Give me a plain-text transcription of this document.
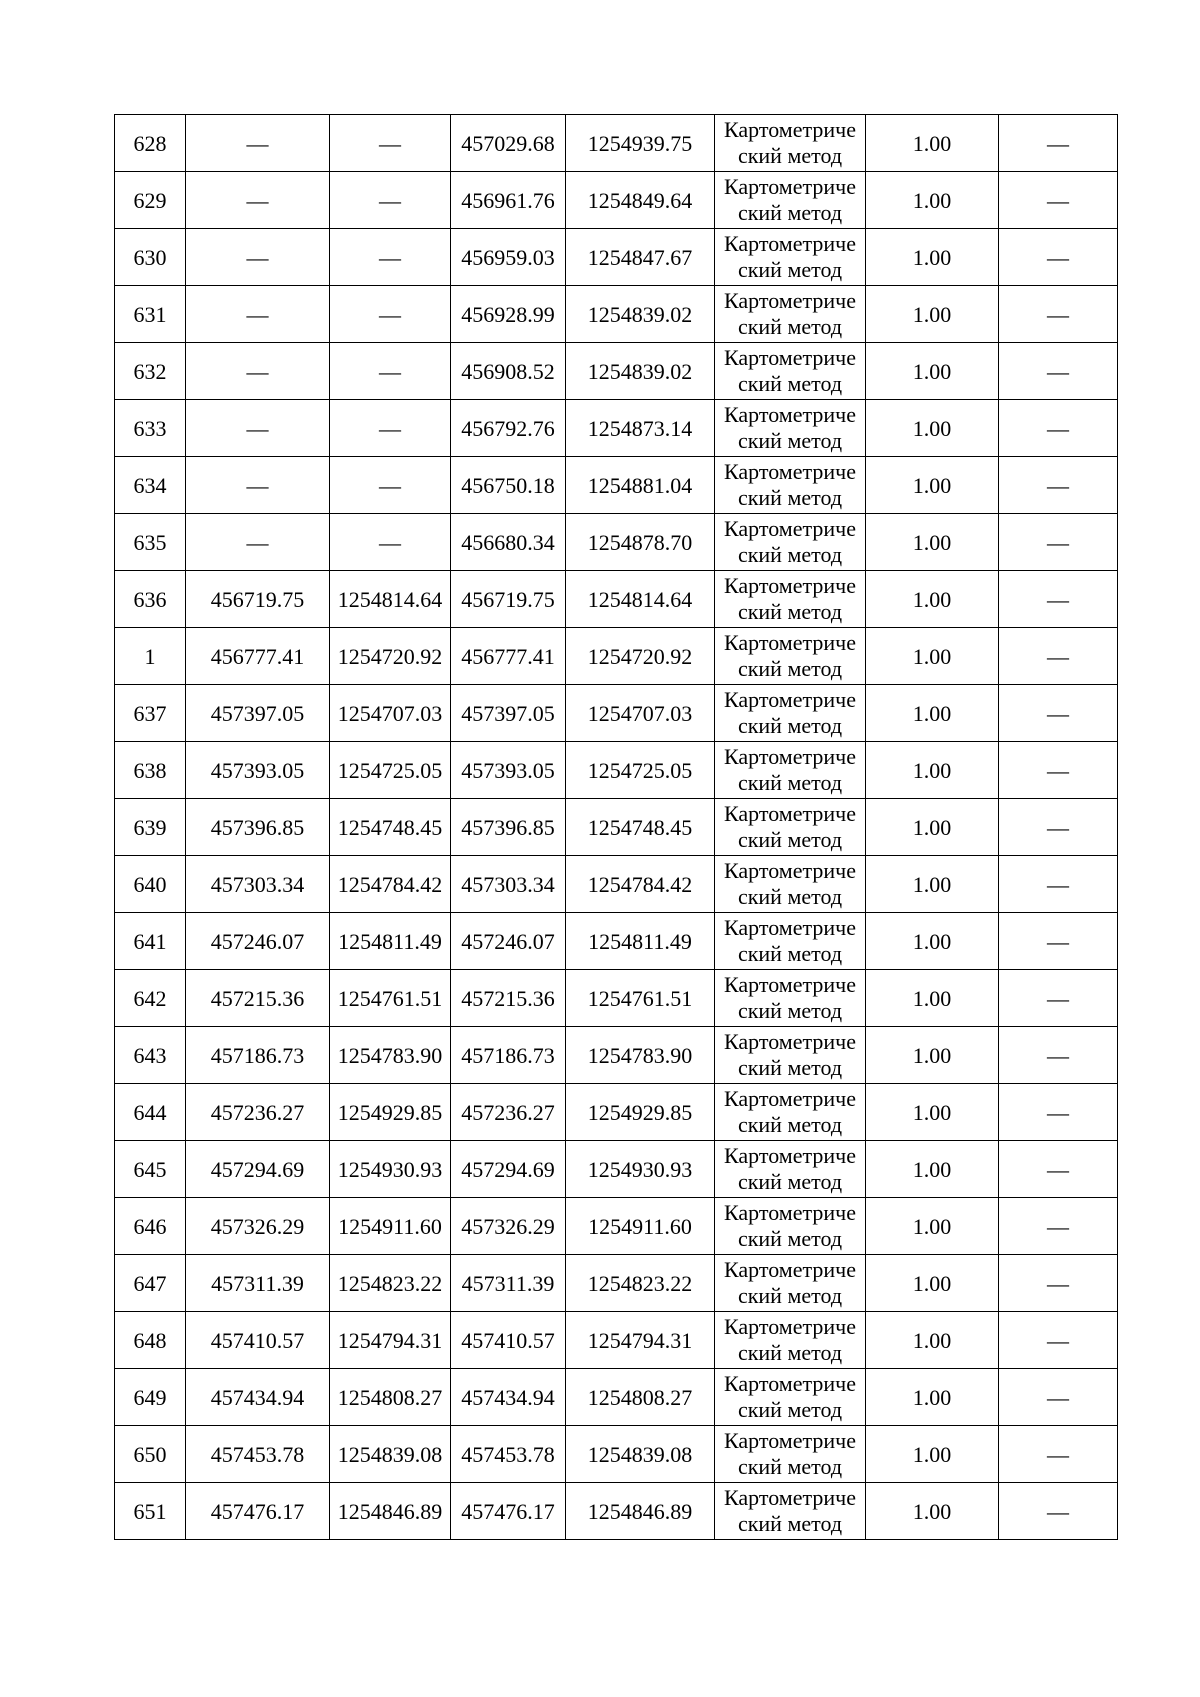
628	—	—	457029.68	1254939.75	Картометриче ский метод	1.00	—
629	—	—	456961.76	1254849.64	Картометриче ский метод	1.00	—
630	—	—	456959.03	1254847.67	Картометриче ский метод	1.00	—
631	—	—	456928.99	1254839.02	Картометриче ский метод	1.00	—
632	—	—	456908.52	1254839.02	Картометриче ский метод	1.00	—
633	—	—	456792.76	1254873.14	Картометриче ский метод	1.00	—
634	—	—	456750.18	1254881.04	Картометриче ский метод	1.00	—
635	—	—	456680.34	1254878.70	Картометриче ский метод	1.00	—
636	456719.75	1254814.64	456719.75	1254814.64	Картометриче ский метод	1.00	—
1	456777.41	1254720.92	456777.41	1254720.92	Картометриче ский метод	1.00	—
637	457397.05	1254707.03	457397.05	1254707.03	Картометриче ский метод	1.00	—
638	457393.05	1254725.05	457393.05	1254725.05	Картометриче ский метод	1.00	—
639	457396.85	1254748.45	457396.85	1254748.45	Картометриче ский метод	1.00	—
640	457303.34	1254784.42	457303.34	1254784.42	Картометриче ский метод	1.00	—
641	457246.07	1254811.49	457246.07	1254811.49	Картометриче ский метод	1.00	—
642	457215.36	1254761.51	457215.36	1254761.51	Картометриче ский метод	1.00	—
643	457186.73	1254783.90	457186.73	1254783.90	Картометриче ский метод	1.00	—
644	457236.27	1254929.85	457236.27	1254929.85	Картометриче ский метод	1.00	—
645	457294.69	1254930.93	457294.69	1254930.93	Картометриче ский метод	1.00	—
646	457326.29	1254911.60	457326.29	1254911.60	Картометриче ский метод	1.00	—
647	457311.39	1254823.22	457311.39	1254823.22	Картометриче ский метод	1.00	—
648	457410.57	1254794.31	457410.57	1254794.31	Картометриче ский метод	1.00	—
649	457434.94	1254808.27	457434.94	1254808.27	Картометриче ский метод	1.00	—
650	457453.78	1254839.08	457453.78	1254839.08	Картометриче ский метод	1.00	—
651	457476.17	1254846.89	457476.17	1254846.89	Картометриче ский метод	1.00	—
